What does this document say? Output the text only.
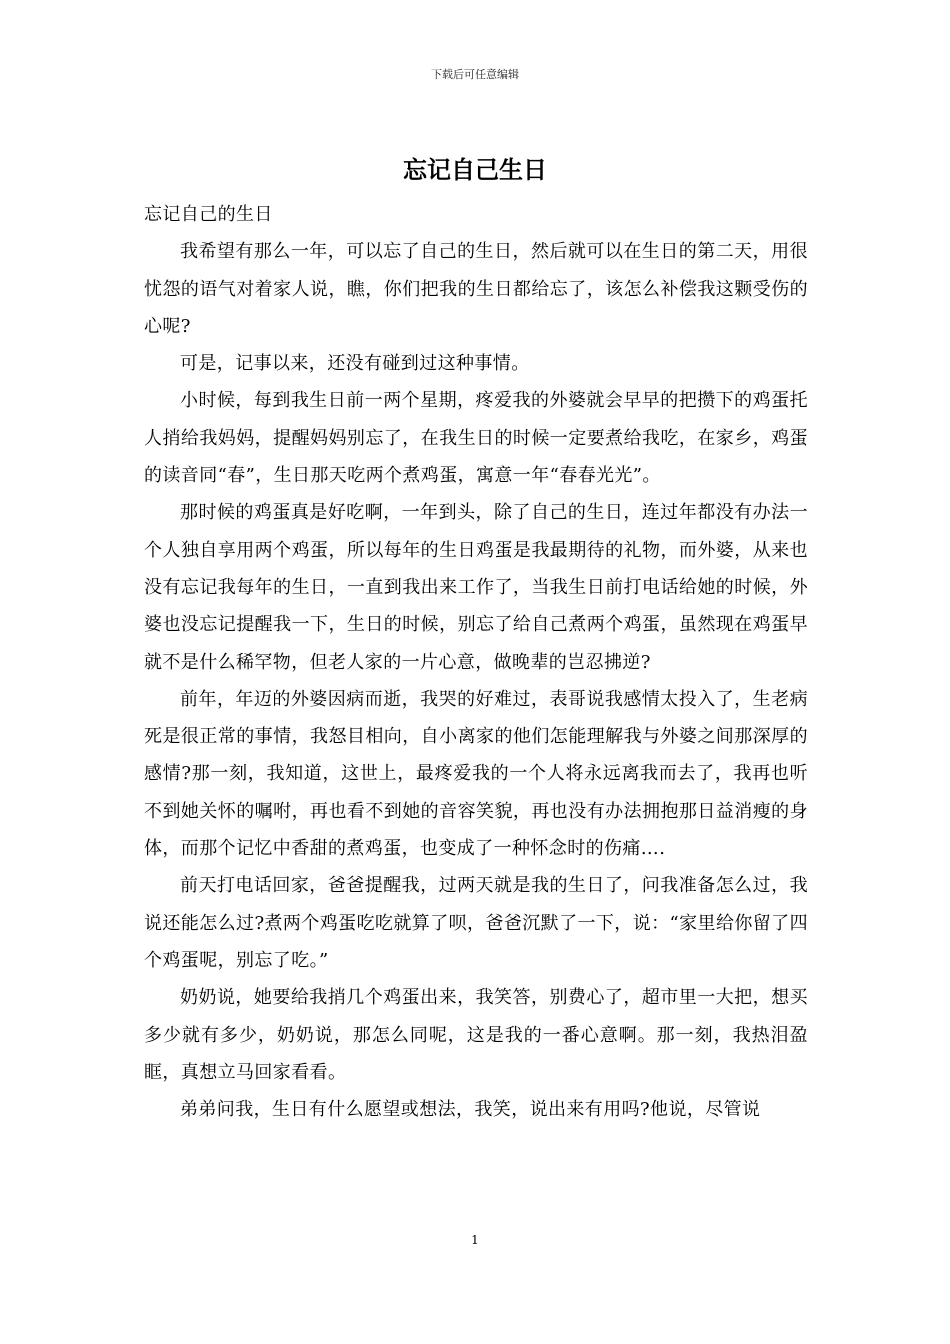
下载后可任意编辑
忘记自己生日

忘记自己的生日

我希望有那么一年，可以忘了自己的生日，然后就可以在生日的第二天，用很忧怨的语气对着家人说，瞧，你们把我的生日都给忘了，该怎么补偿我这颗受伤的心呢?

可是，记事以来，还没有碰到过这种事情。

小时候，每到我生日前一两个星期，疼爱我的外婆就会早早的把攒下的鸡蛋托人捎给我妈妈，提醒妈妈别忘了，在我生日的时候一定要煮给我吃，在家乡，鸡蛋的读音同“春”，生日那天吃两个煮鸡蛋，寓意一年“春春光光”。

那时候的鸡蛋真是好吃啊，一年到头，除了自己的生日，连过年都没有办法一个人独自享用两个鸡蛋，所以每年的生日鸡蛋是我最期待的礼物，而外婆，从来也没有忘记我每年的生日，一直到我出来工作了，当我生日前打电话给她的时候，外婆也没忘记提醒我一下，生日的时候，别忘了给自己煮两个鸡蛋，虽然现在鸡蛋早就不是什么稀罕物，但老人家的一片心意，做晚辈的岂忍拂逆?

前年，年迈的外婆因病而逝，我哭的好难过，表哥说我感情太投入了，生老病死是很正常的事情，我怒目相向，自小离家的他们怎能理解我与外婆之间那深厚的感情?那一刻，我知道，这世上，最疼爱我的一个人将永远离我而去了，我再也听不到她关怀的嘱咐，再也看不到她的音容笑貌，再也没有办法拥抱那日益消瘦的身体，而那个记忆中香甜的煮鸡蛋，也变成了一种怀念时的伤痛….

前天打电话回家，爸爸提醒我，过两天就是我的生日了，问我准备怎么过，我说还能怎么过?煮两个鸡蛋吃吃就算了呗，爸爸沉默了一下，说：“家里给你留了四个鸡蛋呢，别忘了吃。”

奶奶说，她要给我捎几个鸡蛋出来，我笑答，别费心了，超市里一大把，想买多少就有多少，奶奶说，那怎么同呢，这是我的一番心意啊。那一刻，我热泪盈眶，真想立马回家看看。

弟弟问我，生日有什么愿望或想法，我笑，说出来有用吗?他说，尽管说

1
